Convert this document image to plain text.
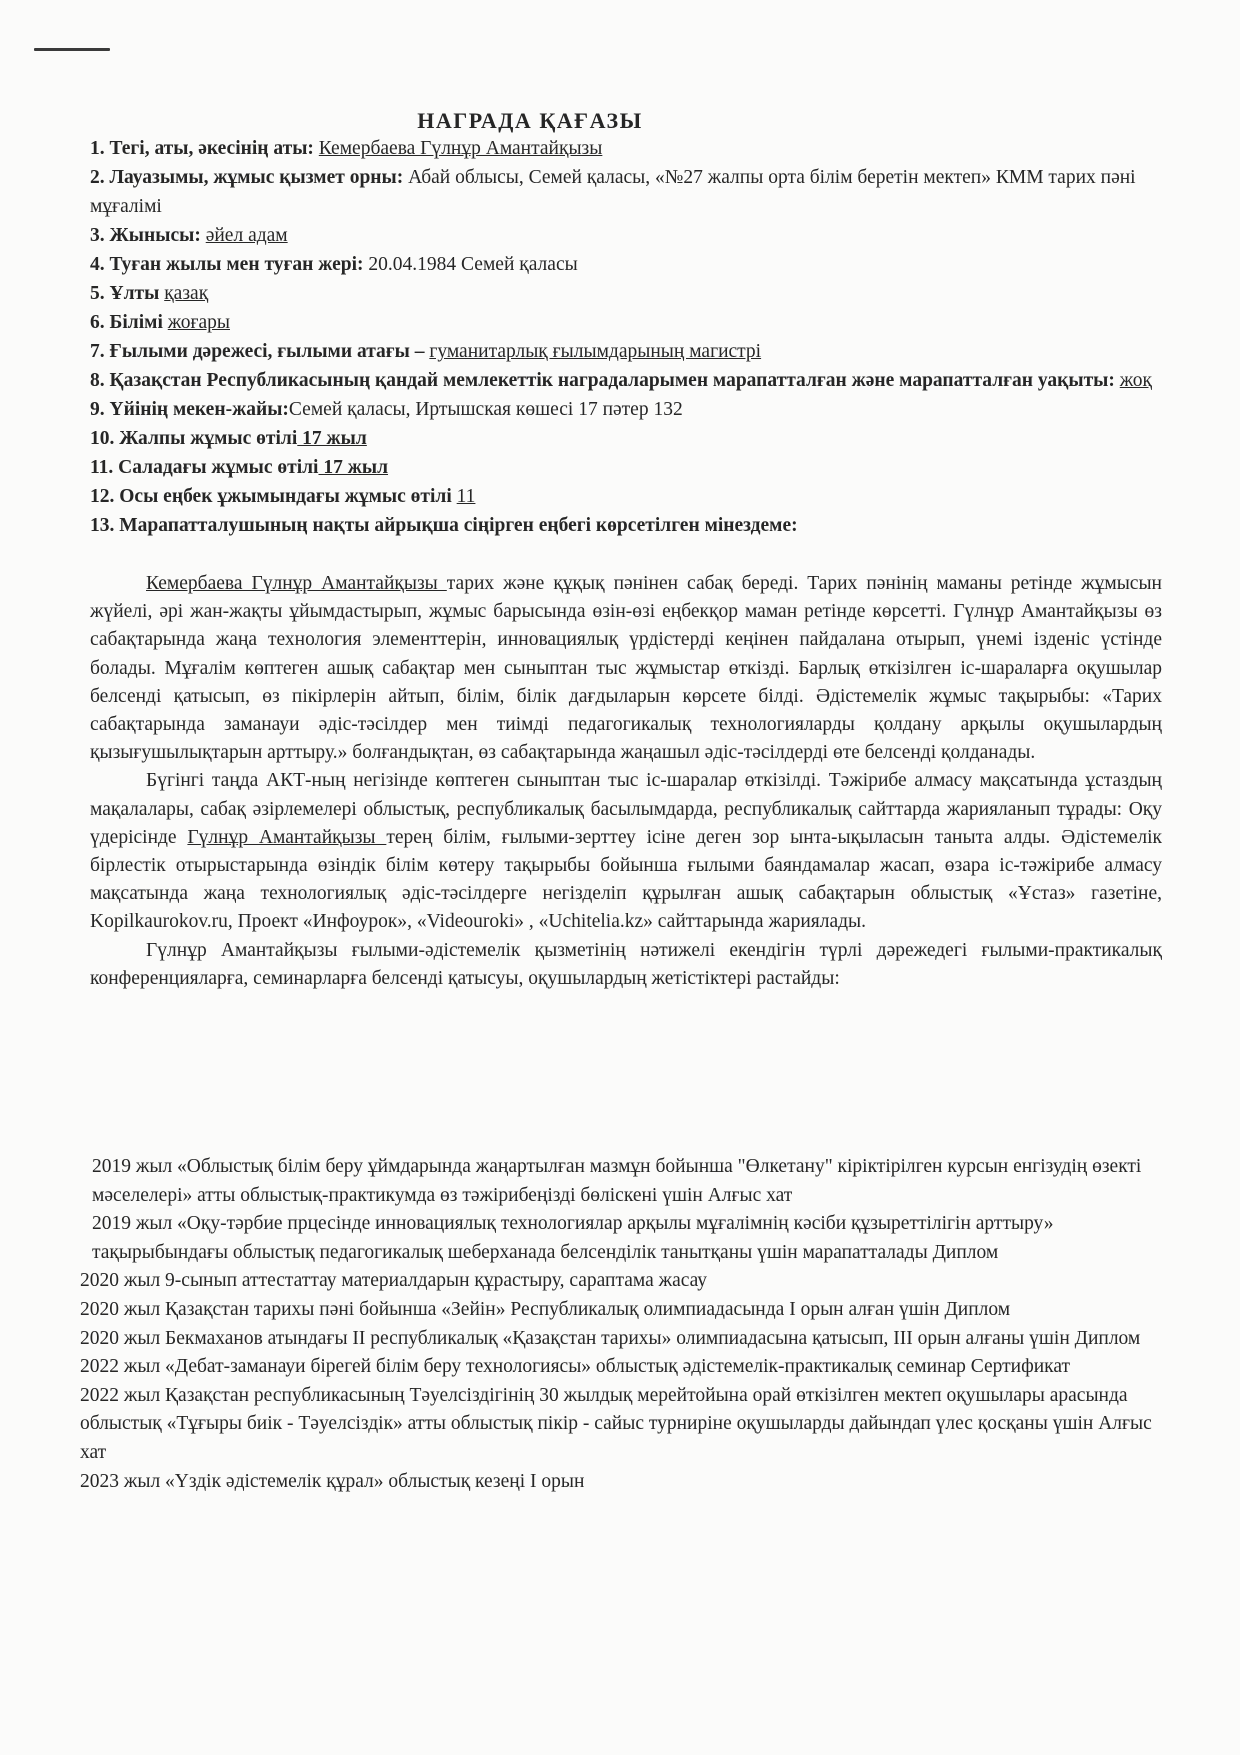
НАГРАДА ҚАҒАЗЫ

1. Тегі, аты, әкесінің аты: Кемербаева Гүлнұр Амантайқызы

2. Лауазымы, жұмыс қызмет орны: Абай облысы, Семей қаласы, «№27 жалпы орта білім беретін мектеп» КММ тарих пәні мұғалімі

3. Жынысы: әйел адам

4. Туған жылы мен туған жері: 20.04.1984 Семей қаласы

5. Ұлты қазақ

6. Білімі жоғары

7. Ғылыми дәрежесі, ғылыми атағы – гуманитарлық ғылымдарының магистрі

8. Қазақстан Республикасының қандай мемлекеттік наградаларымен марапатталған және марапатталған уақыты: жоқ

9. Үйінің мекен-жайы:Семей қаласы, Иртышская көшесі 17 пәтер 132

10. Жалпы жұмыс өтілі 17 жыл

11. Саладағы жұмыс өтілі 17 жыл

12. Осы еңбек ұжымындағы жұмыс өтілі 11

13. Марапатталушының нақты айрықша сіңірген еңбегі көрсетілген мінездеме:

Кемербаева Гүлнұр Амантайқызы тарих және құқық пәнінен сабақ береді. Тарих пәнінің маманы ретінде жұмысын жүйелі, әрі жан-жақты ұйымдастырып, жұмыс барысында өзін-өзі еңбекқор маман ретінде көрсетті. Гүлнұр Амантайқызы өз сабақтарында жаңа технология элементтерін, инновациялық үрдістерді кеңінен пайдалана отырып, үнемі ізденіс үстінде болады. Мұғалім көптеген ашық сабақтар мен сыныптан тыс жұмыстар өткізді. Барлық өткізілген іс-шараларға оқушылар белсенді қатысып, өз пікірлерін айтып, білім, білік дағдыларын көрсете білді. Әдістемелік жұмыс тақырыбы: «Тарих сабақтарында заманауи әдіс-тәсілдер мен тиімді педагогикалық технологияларды қолдану арқылы оқушылардың қызығушылықтарын арттыру.» болғандықтан, өз сабақтарында жаңашыл әдіс-тәсілдерді өте белсенді қолданады.

Бүгінгі таңда АКТ-ның негізінде көптеген сыныптан тыс іс-шаралар өткізілді. Тәжірибе алмасу мақсатында ұстаздың мақалалары, сабақ әзірлемелері облыстық, республикалық басылымдарда, республикалық сайттарда жарияланып тұрады: Оқу үдерісінде Гүлнұр Амантайқызы терең білім, ғылыми-зерттеу ісіне деген зор ынта-ықыласын таныта алды. Әдістемелік бірлестік отырыстарында өзіндік білім көтеру тақырыбы бойынша ғылыми баяндамалар жасап, өзара іс-тәжірибе алмасу мақсатында жаңа технологиялық әдіс-тәсілдерге негізделіп құрылған ашық сабақтарын облыстық «Ұстаз» газетіне, Kopilkaurokov.ru, Проект «Инфоурок», «Videouroki» , «Uchitelia.kz» сайттарында жариялады.

Гүлнұр Амантайқызы ғылыми-әдістемелік қызметінің нәтижелі екендігін түрлі дәрежедегі ғылыми-практикалық конференцияларға, семинарларға белсенді қатысуы, оқушылардың жетістіктері растайды:

2019 жыл «Облыстық білім беру ұймдарында жаңартылған мазмұн бойынша "Өлкетану" кіріктірілген курсын енгізудің өзекті мәселелері» атты облыстық-практикумда өз тәжірибеңізді бөліскені үшін Алғыс хат

2019 жыл «Оқу-тәрбие прцесінде инновациялық технологиялар арқылы мұғалімнің кәсіби құзыреттілігін арттыру» тақырыбындағы облыстық педагогикалық шеберханада белсенділік танытқаны үшін марапатталады Диплом

2020 жыл 9-сынып аттестаттау материалдарын құрастыру, сараптама жасау

2020 жыл Қазақстан тарихы пәні бойынша «Зейін» Республикалық олимпиадасында I орын алған үшін Диплом

2020 жыл Бекмаханов атындағы II республикалық «Қазақстан тарихы» олимпиадасына қатысып, III орын алғаны үшін Диплом

2022 жыл «Дебат-заманауи бірегей білім беру технологиясы» облыстық әдістемелік-практикалық семинар Сертификат

2022 жыл Қазақстан республикасының Тәуелсіздігінің 30 жылдық мерейтойына орай өткізілген мектеп оқушылары арасында облыстық «Тұғыры биік - Тәуелсіздік» атты облыстық пікір - сайыс турниріне оқушыларды дайындап үлес қосқаны үшін Алғыс хат

2023 жыл «Үздік әдістемелік құрал» облыстық кезеңі I орын
